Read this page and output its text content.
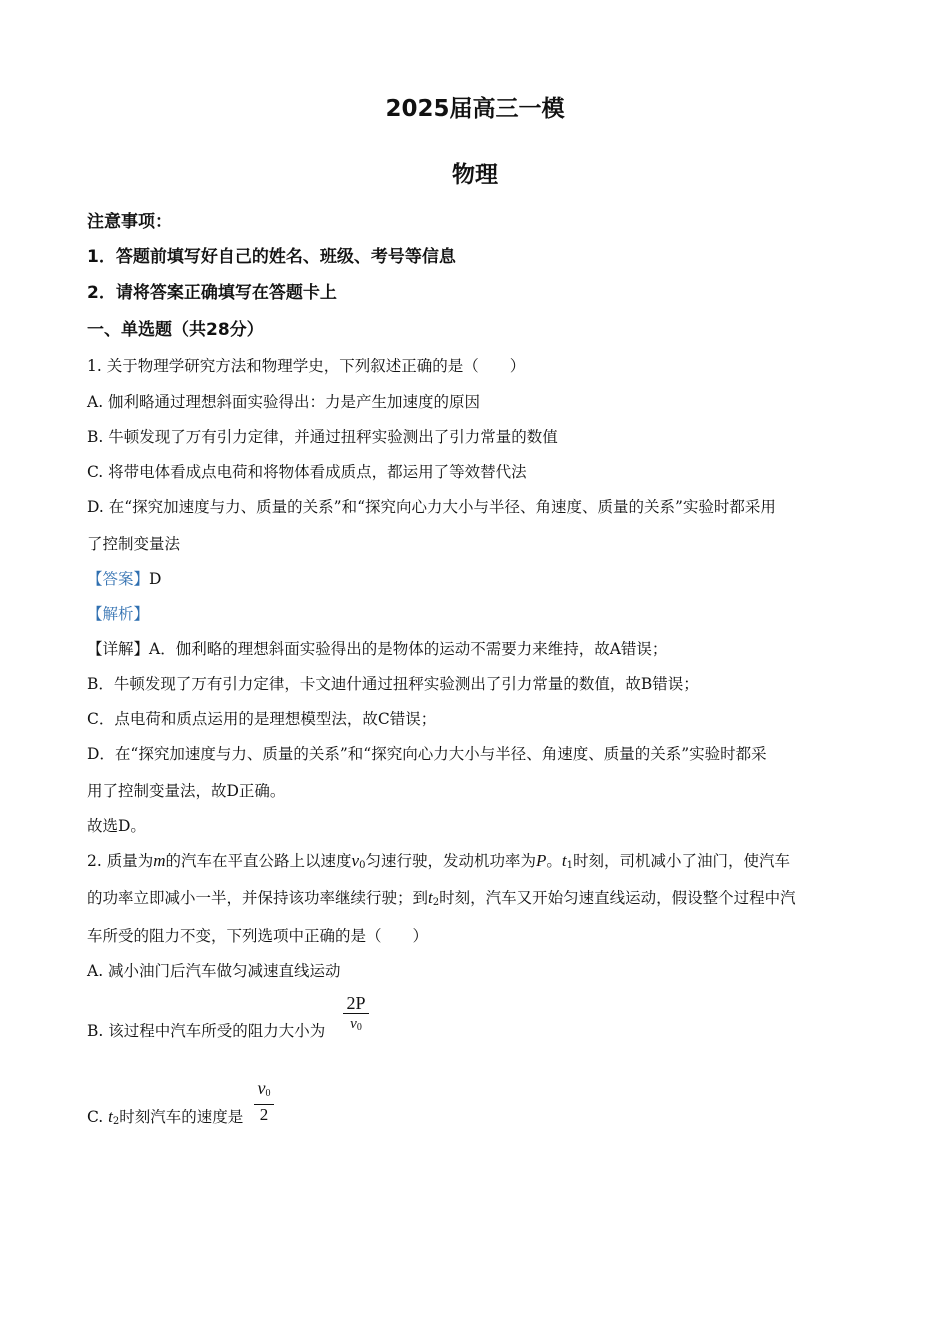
2025届高三一模
物理
注意事项：
1．答题前填写好自己的姓名、班级、考号等信息
2．请将答案正确填写在答题卡上
一、单选题（共28分）
1. 关于物理学研究方法和物理学史，下列叙述正确的是（　　）
A. 伽利略通过理想斜面实验得出：力是产生加速度的原因
B. 牛顿发现了万有引力定律，并通过扭秤实验测出了引力常量的数值
C. 将带电体看成点电荷和将物体看成质点，都运用了等效替代法
D. 在“探究加速度与力、质量的关系”和“探究向心力大小与半径、角速度、质量的关系”实验时都采用
了控制变量法
【答案】D
【解析】
【详解】A．伽利略的理想斜面实验得出的是物体的运动不需要力来维持，故A错误；
B．牛顿发现了万有引力定律，卡文迪什通过扭秤实验测出了引力常量的数值，故B错误；
C．点电荷和质点运用的是理想模型法，故C错误；
D．在“探究加速度与力、质量的关系”和“探究向心力大小与半径、角速度、质量的关系”实验时都采
用了控制变量法，故D正确。
故选D。
2. 质量为m的汽车在平直公路上以速度$v_0$匀速行驶，发动机功率为P。$t_1$时刻，司机减小了油门，使汽车
的功率立即减小一半，并保持该功率继续行驶；到$t_2$时刻，汽车又开始匀速直线运动，假设整个过程中汽
车所受的阻力不变，下列选项中正确的是（　　）
A. 减小油门后汽车做匀减速直线运动
B. 该过程中汽车所受的阻力大小为
2P
$v_0$
C. $t_2$时刻汽车的速度是
$v_0$
2
